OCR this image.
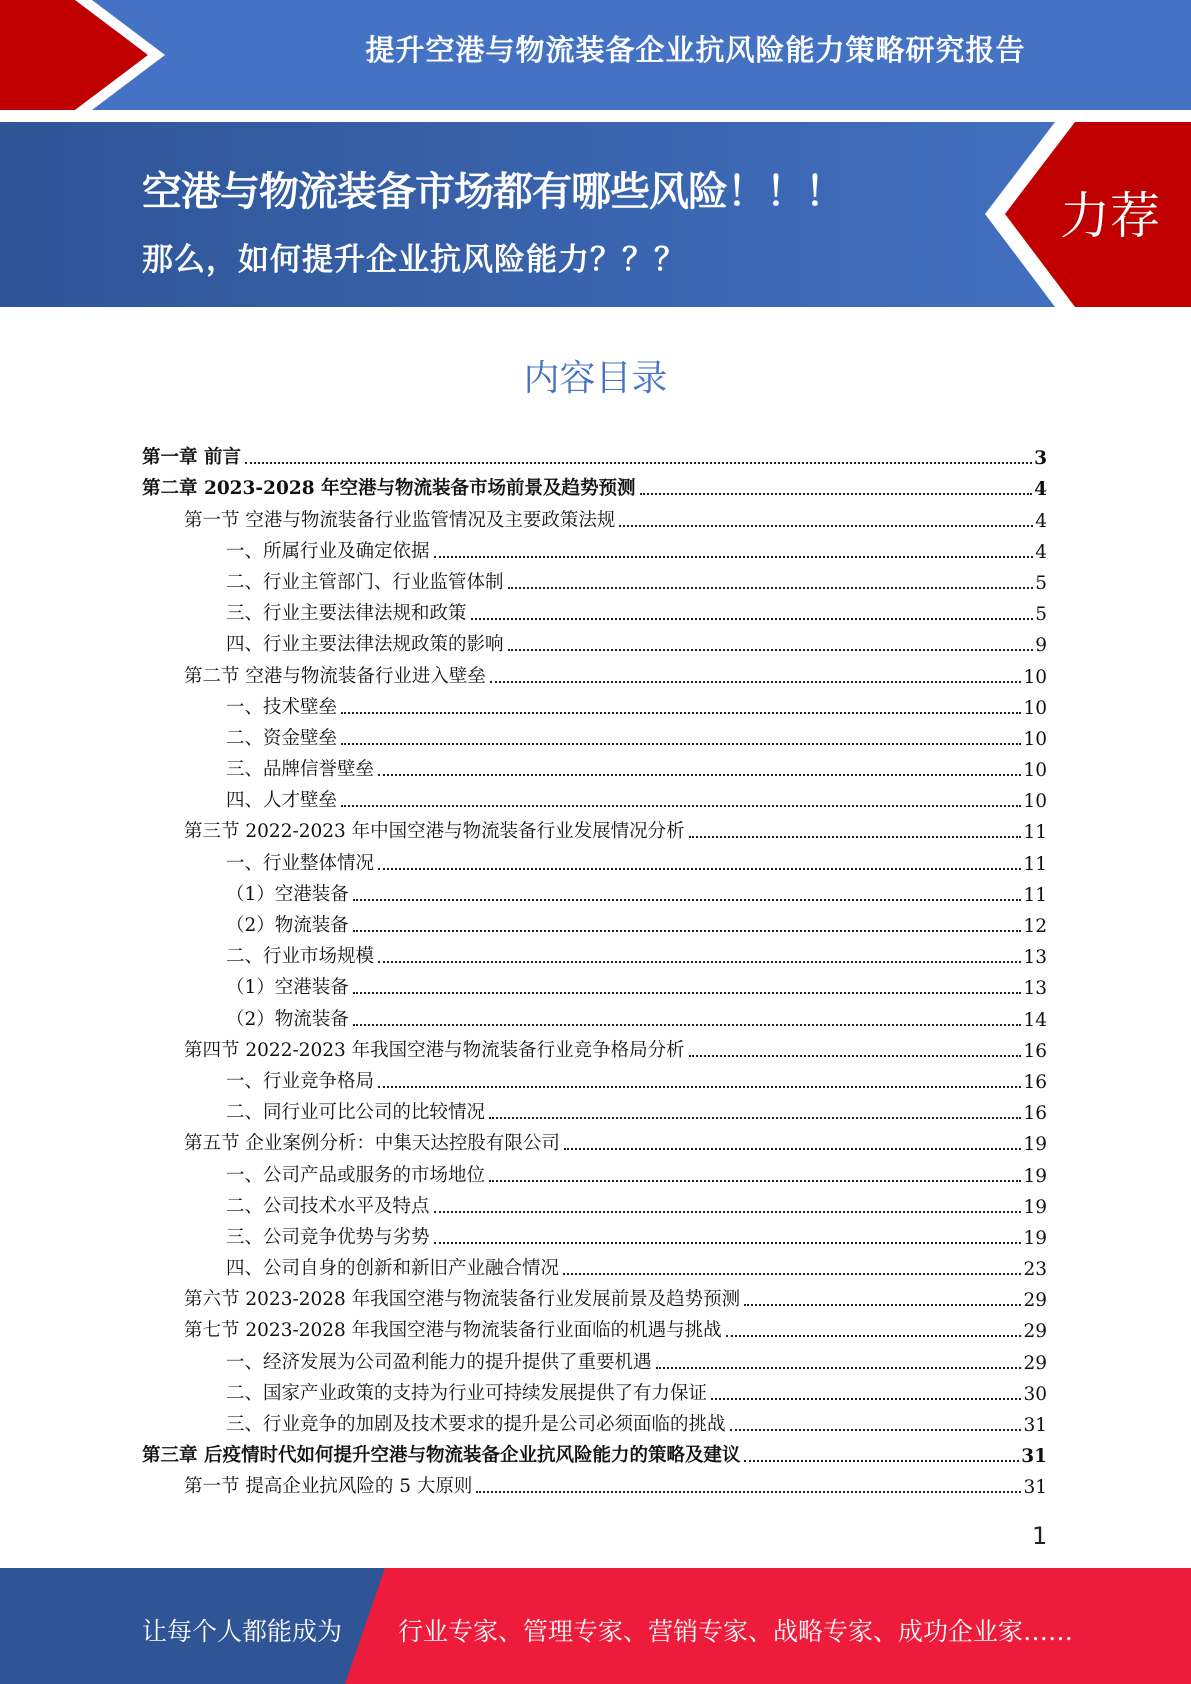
提升空港与物流装备企业抗风险能力策略研究报告
空港与物流装备市场都有哪些风险！！！
那么，如何提升企业抗风险能力？？？
力荐
内容目录
第一章 前言	3
第二章 2023-2028 年空港与物流装备市场前景及趋势预测	4
第一节 空港与物流装备行业监管情况及主要政策法规	4
一、所属行业及确定依据	4
二、行业主管部门、行业监管体制	5
三、行业主要法律法规和政策	5
四、行业主要法律法规政策的影响	9
第二节 空港与物流装备行业进入壁垒	10
一、技术壁垒	10
二、资金壁垒	10
三、品牌信誉壁垒	10
四、人才壁垒	10
第三节 2022-2023 年中国空港与物流装备行业发展情况分析	11
一、行业整体情况	11
（1）空港装备	11
（2）物流装备	12
二、行业市场规模	13
（1）空港装备	13
（2）物流装备	14
第四节 2022-2023 年我国空港与物流装备行业竞争格局分析	16
一、行业竞争格局	16
二、同行业可比公司的比较情况	16
第五节 企业案例分析：中集天达控股有限公司	19
一、公司产品或服务的市场地位	19
二、公司技术水平及特点	19
三、公司竞争优势与劣势	19
四、公司自身的创新和新旧产业融合情况	23
第六节 2023-2028 年我国空港与物流装备行业发展前景及趋势预测	29
第七节 2023-2028 年我国空港与物流装备行业面临的机遇与挑战	29
一、经济发展为公司盈利能力的提升提供了重要机遇	29
二、国家产业政策的支持为行业可持续发展提供了有力保证	30
三、行业竞争的加剧及技术要求的提升是公司必须面临的挑战	31
第三章 后疫情时代如何提升空港与物流装备企业抗风险能力的策略及建议	31
第一节 提高企业抗风险的 5 大原则	31
1
让每个人都能成为 行业专家、管理专家、营销专家、战略专家、成功企业家……
